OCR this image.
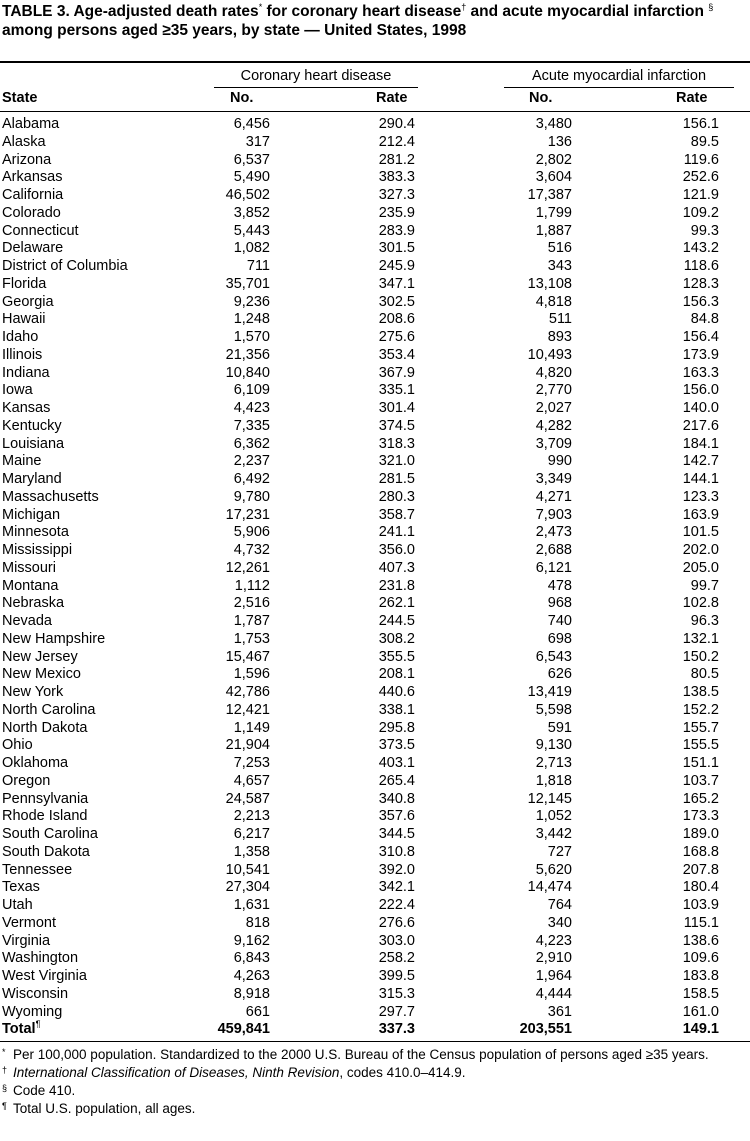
TABLE 3. Age-adjusted death rates* for coronary heart disease† and acute myocardial infarction § among persons aged ≥35 years, by state — United States, 1998

Coronary heart disease	Acute myocardial infarction
State	No.	Rate	No.	Rate
Alabama	6,456	290.4	3,480	156.1
Alaska	317	212.4	136	89.5
Arizona	6,537	281.2	2,802	119.6
Arkansas	5,490	383.3	3,604	252.6
California	46,502	327.3	17,387	121.9
Colorado	3,852	235.9	1,799	109.2
Connecticut	5,443	283.9	1,887	99.3
Delaware	1,082	301.5	516	143.2
District of Columbia	711	245.9	343	118.6
Florida	35,701	347.1	13,108	128.3
Georgia	9,236	302.5	4,818	156.3
Hawaii	1,248	208.6	511	84.8
Idaho	1,570	275.6	893	156.4
Illinois	21,356	353.4	10,493	173.9
Indiana	10,840	367.9	4,820	163.3
Iowa	6,109	335.1	2,770	156.0
Kansas	4,423	301.4	2,027	140.0
Kentucky	7,335	374.5	4,282	217.6
Louisiana	6,362	318.3	3,709	184.1
Maine	2,237	321.0	990	142.7
Maryland	6,492	281.5	3,349	144.1
Massachusetts	9,780	280.3	4,271	123.3
Michigan	17,231	358.7	7,903	163.9
Minnesota	5,906	241.1	2,473	101.5
Mississippi	4,732	356.0	2,688	202.0
Missouri	12,261	407.3	6,121	205.0
Montana	1,112	231.8	478	99.7
Nebraska	2,516	262.1	968	102.8
Nevada	1,787	244.5	740	96.3
New Hampshire	1,753	308.2	698	132.1
New Jersey	15,467	355.5	6,543	150.2
New Mexico	1,596	208.1	626	80.5
New York	42,786	440.6	13,419	138.5
North Carolina	12,421	338.1	5,598	152.2
North Dakota	1,149	295.8	591	155.7
Ohio	21,904	373.5	9,130	155.5
Oklahoma	7,253	403.1	2,713	151.1
Oregon	4,657	265.4	1,818	103.7
Pennsylvania	24,587	340.8	12,145	165.2
Rhode Island	2,213	357.6	1,052	173.3
South Carolina	6,217	344.5	3,442	189.0
South Dakota	1,358	310.8	727	168.8
Tennessee	10,541	392.0	5,620	207.8
Texas	27,304	342.1	14,474	180.4
Utah	1,631	222.4	764	103.9
Vermont	818	276.6	340	115.1
Virginia	9,162	303.0	4,223	138.6
Washington	6,843	258.2	2,910	109.6
West Virginia	4,263	399.5	1,964	183.8
Wisconsin	8,918	315.3	4,444	158.5
Wyoming	661	297.7	361	161.0
Total¶	459,841	337.3	203,551	149.1
* Per 100,000 population. Standardized to the 2000 U.S. Bureau of the Census population of persons aged ≥35 years.
† International Classification of Diseases, Ninth Revision, codes 410.0–414.9.
§ Code 410.
¶ Total U.S. population, all ages.
